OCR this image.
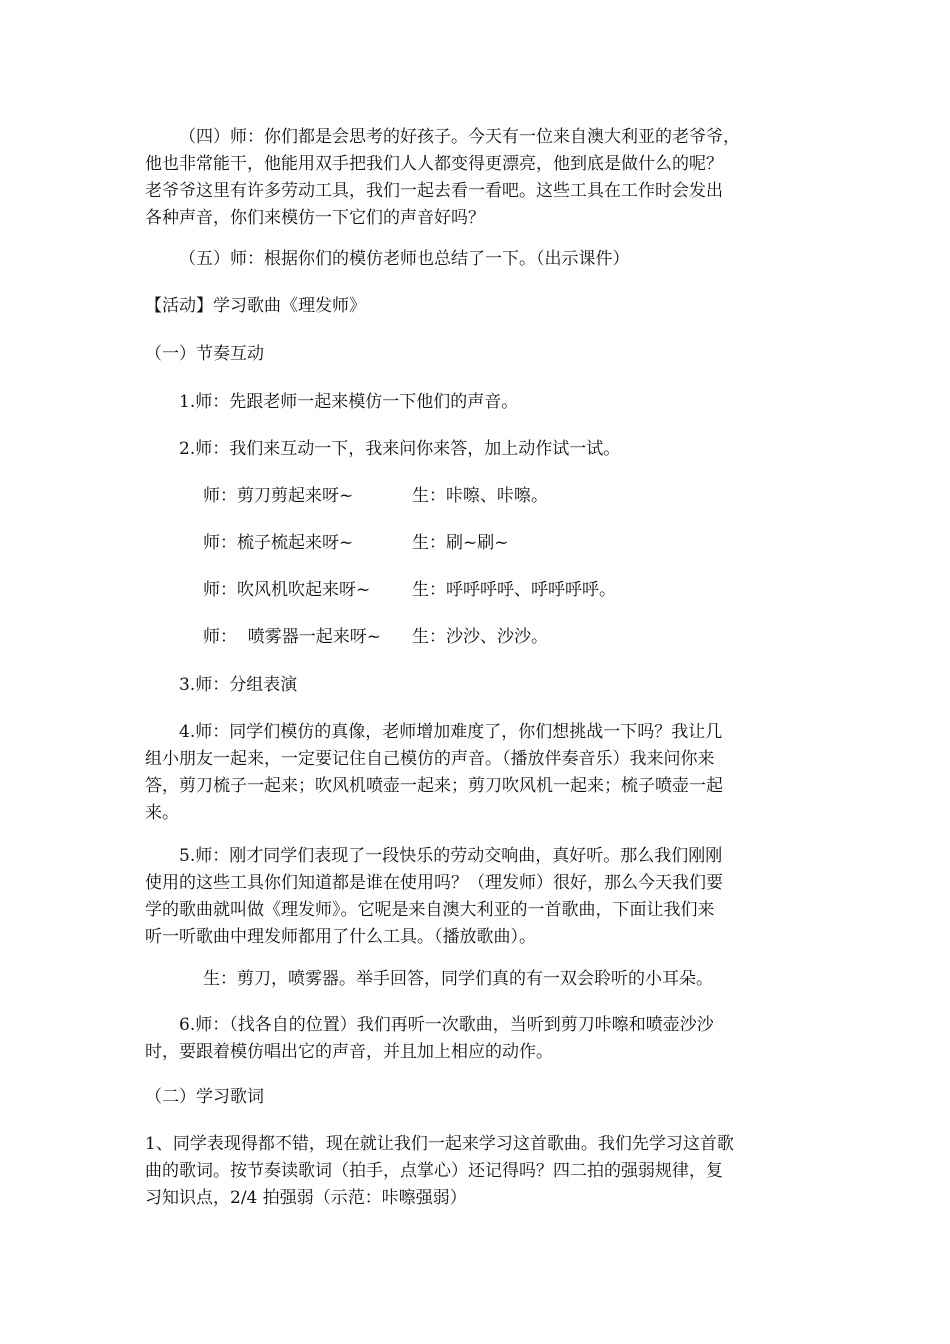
（四）师：你们都是会思考的好孩子。今天有一位来自澳大利亚的老爷爷，
他也非常能干，他能用双手把我们人人都变得更漂亮，他到底是做什么的呢？
老爷爷这里有许多劳动工具，我们一起去看一看吧。这些工具在工作时会发出
各种声音，你们来模仿一下它们的声音好吗？
（五）师：根据你们的模仿老师也总结了一下。（出示课件）
【活动】学习歌曲《理发师》
（一）节奏互动
1.师：先跟老师一起来模仿一下他们的声音。
2.师：我们来互动一下，我来问你来答，加上动作试一试。
师：剪刀剪起来呀~	生：咔嚓、咔嚓。
师：梳子梳起来呀~	生：刷~刷~
师：吹风机吹起来呀~ 生：呼呼呼呼、呼呼呼呼。
师：  喷雾器一起来呀~ 生：沙沙、沙沙。
3.师：分组表演
4.师：同学们模仿的真像，老师增加难度了，你们想挑战一下吗？我让几
组小朋友一起来，一定要记住自己模仿的声音。（播放伴奏音乐）我来问你来
答，剪刀梳子一起来；吹风机喷壶一起来；剪刀吹风机一起来；梳子喷壶一起
来。
5.师：刚才同学们表现了一段快乐的劳动交响曲，真好听。那么我们刚刚
使用的这些工具你们知道都是谁在使用吗？（理发师）很好，那么今天我们要
学的歌曲就叫做《理发师》。它呢是来自澳大利亚的一首歌曲，下面让我们来
听一听歌曲中理发师都用了什么工具。（播放歌曲）。
生：剪刀，喷雾器。举手回答，同学们真的有一双会聆听的小耳朵。
6.师：（找各自的位置）我们再听一次歌曲，当听到剪刀咔嚓和喷壶沙沙
时，要跟着模仿唱出它的声音，并且加上相应的动作。
（二）学习歌词
1、同学表现得都不错，现在就让我们一起来学习这首歌曲。我们先学习这首歌
曲的歌词。按节奏读歌词（拍手，点掌心）还记得吗？四二拍的强弱规律，复
习知识点，2/4 拍强弱（示范：咔嚓强弱）
